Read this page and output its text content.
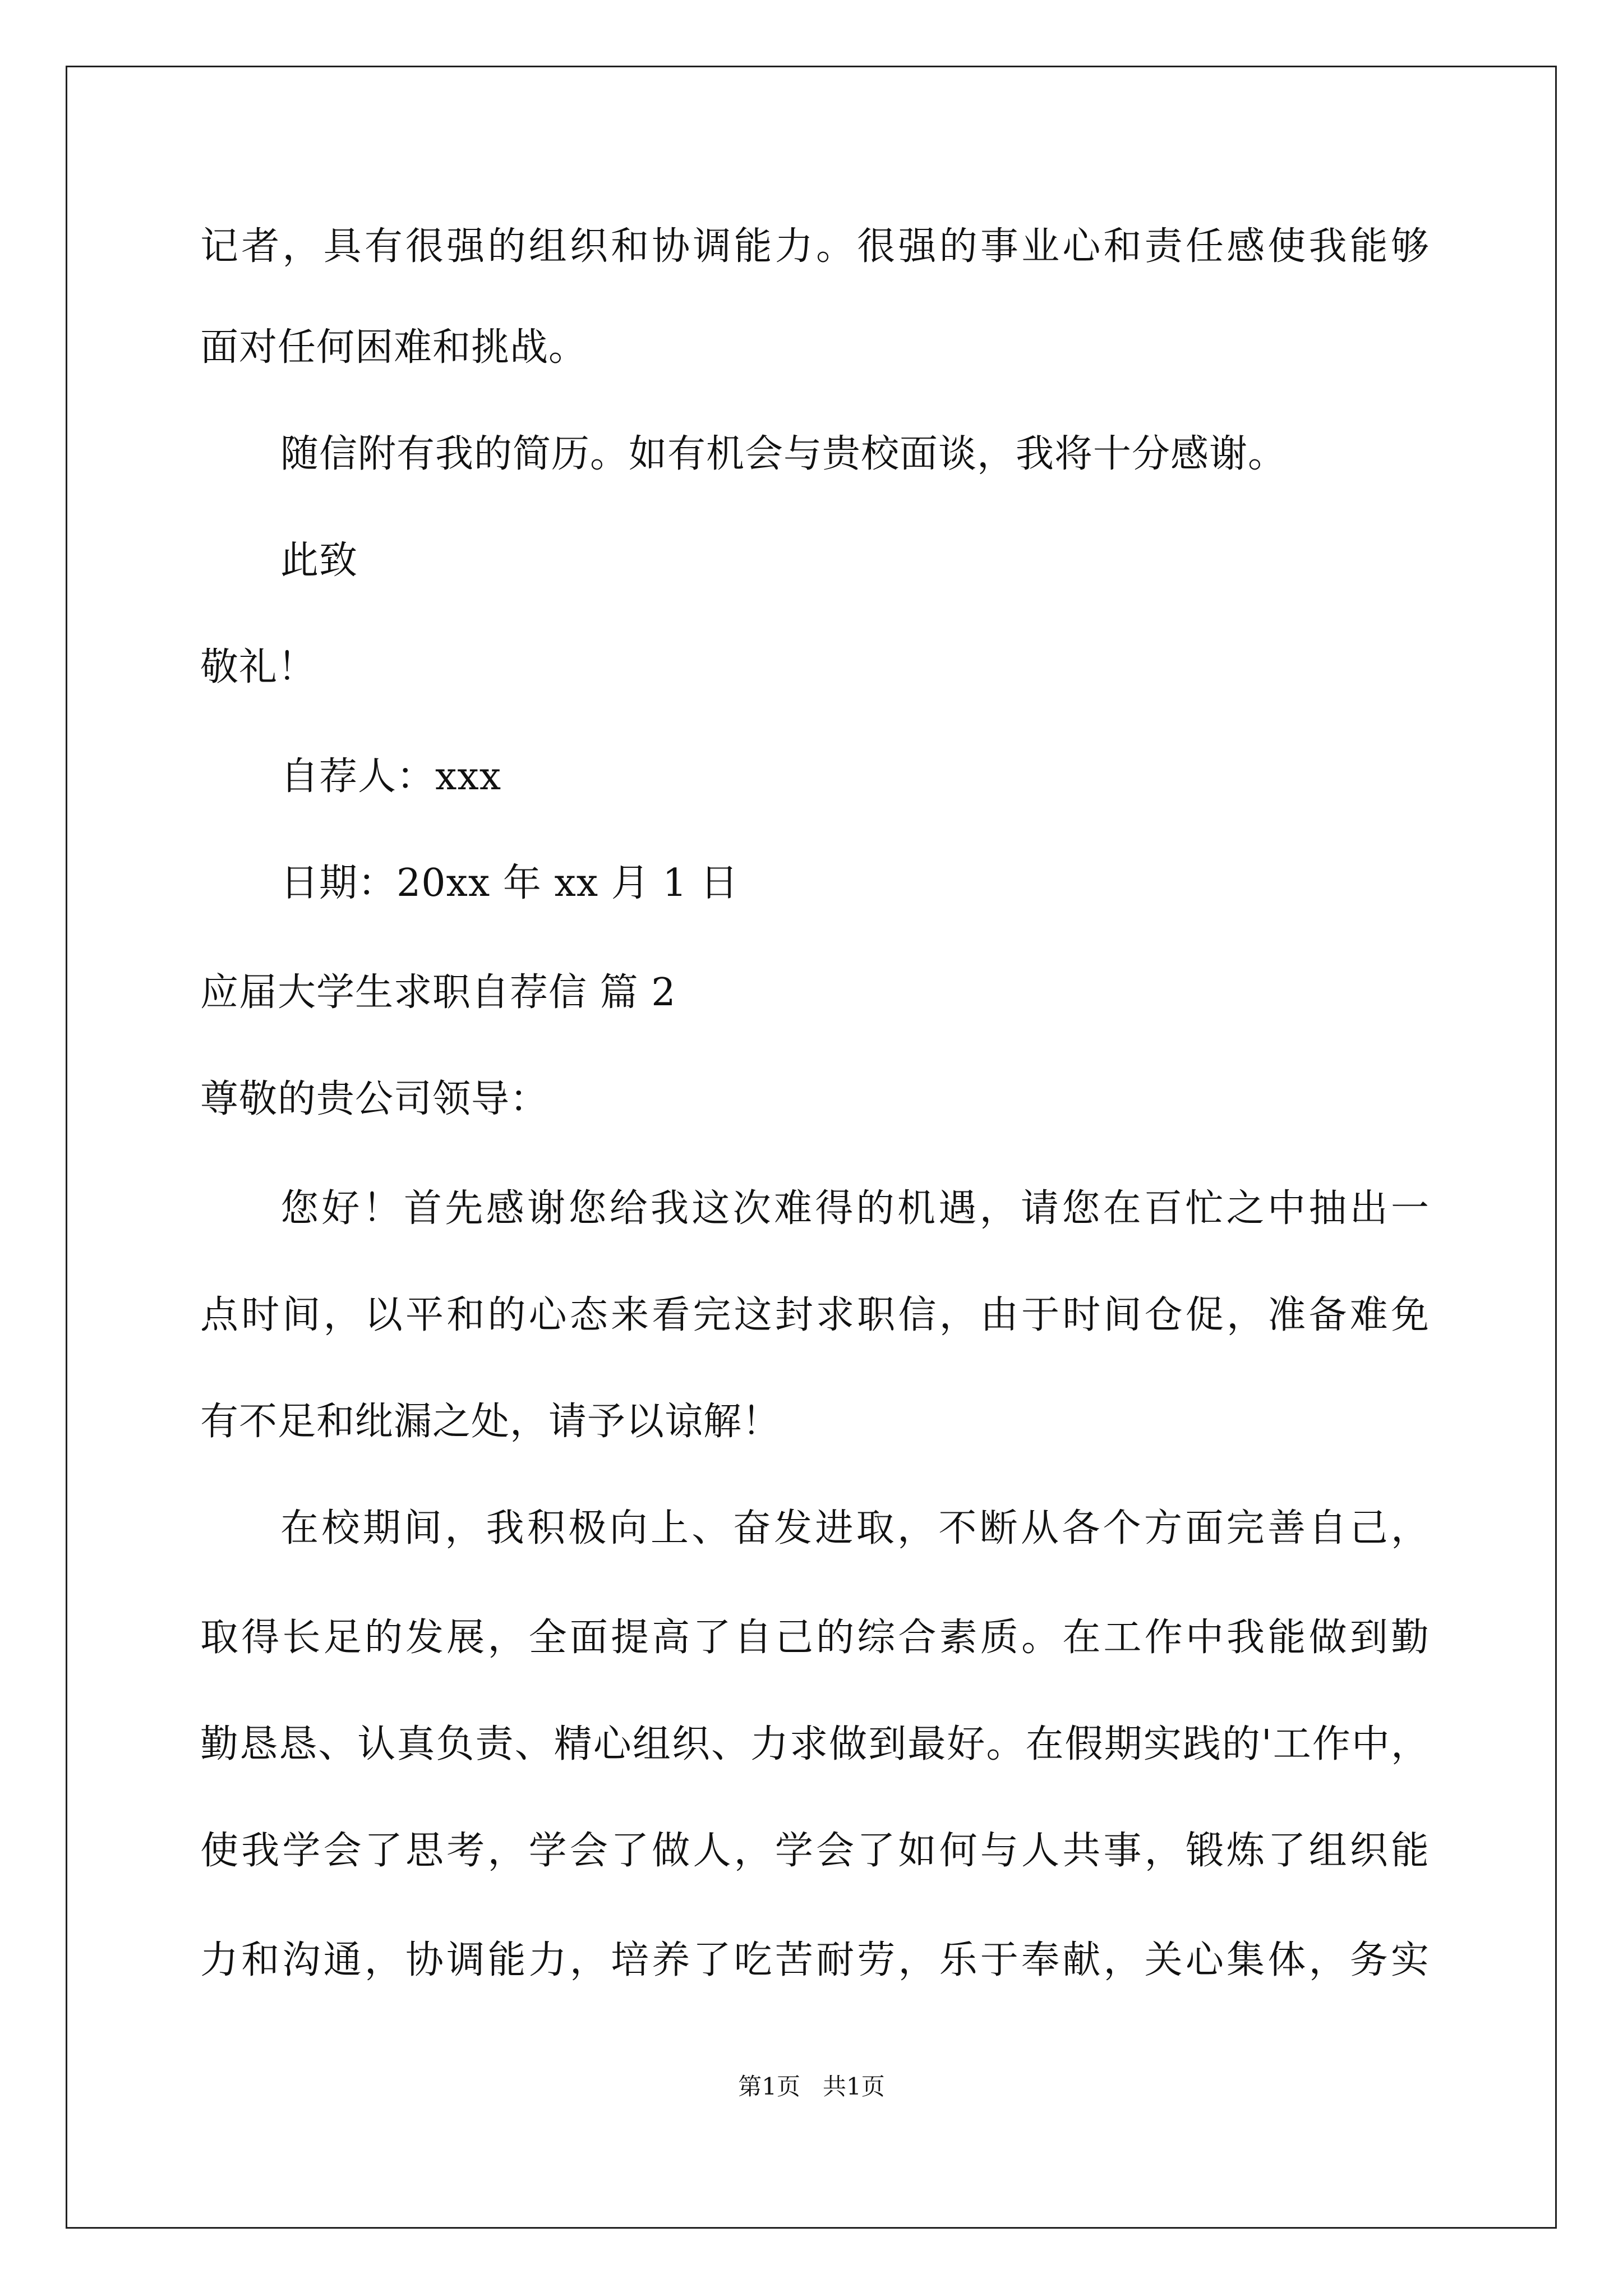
记者，具有很强的组织和协调能力。很强的事业心和责任感使我能够
面对任何困难和挑战。
随信附有我的简历。如有机会与贵校面谈，我将十分感谢。
此致
敬礼！
自荐人：xxx
日期：20xx 年 xx 月 1 日
应届大学生求职自荐信 篇 2
尊敬的贵公司领导：
您好！首先感谢您给我这次难得的机遇，请您在百忙之中抽出一
点时间，以平和的心态来看完这封求职信，由于时间仓促，准备难免
有不足和纰漏之处，请予以谅解！
在校期间，我积极向上、奋发进取，不断从各个方面完善自己，
取得长足的发展，全面提高了自己的综合素质。在工作中我能做到勤
勤恳恳、认真负责、精心组织、力求做到最好。在假期实践的'工作中，
使我学会了思考，学会了做人，学会了如何与人共事，锻炼了组织能
力和沟通，协调能力，培养了吃苦耐劳，乐于奉献，关心集体，务实
第1页   共1页
